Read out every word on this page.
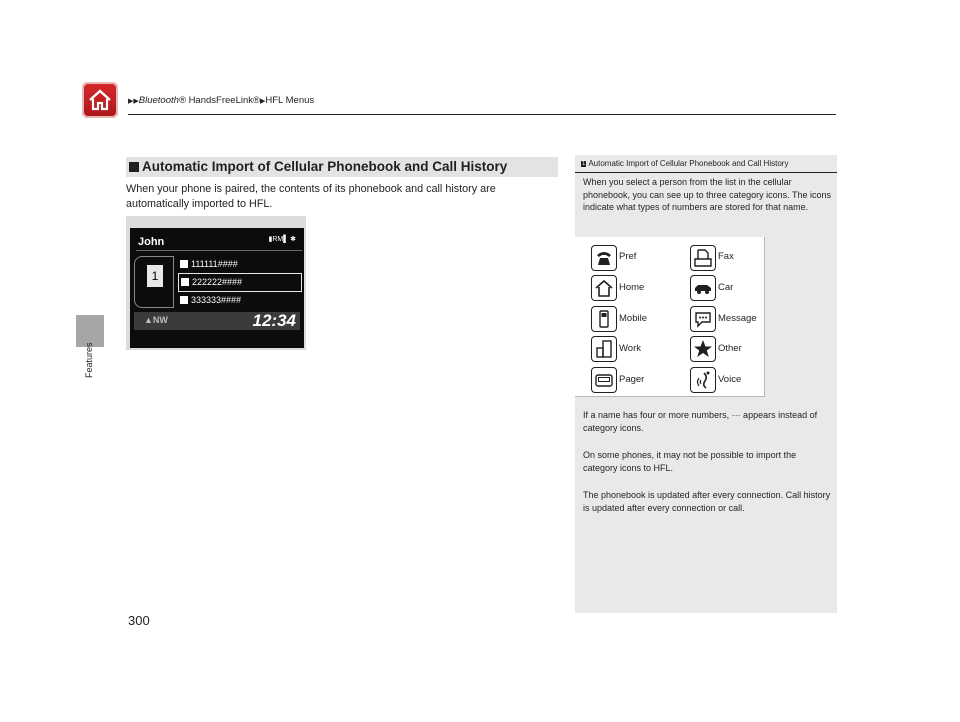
▶▶Bluetooth® HandsFreeLink®▶HFL Menus
Features
Automatic Import of Cellular Phonebook and Call History
When your phone is paired, the contents of its phonebook and call history are automatically imported to HFL.
John	▮RM▌ ✱
1
111111####
222222####
333333####
▲NW	12:34
1 Automatic Import of Cellular Phonebook and Call History
When you select a person from the list in the cellular phonebook, you can see up to three category icons. The icons indicate what types of numbers are stored for that name.
Pref	Fax
Home	Car
Mobile	Message
Work	Other
Pager	Voice
If a name has four or more numbers, ··· appears instead of category icons.
On some phones, it may not be possible to import the category icons to HFL.
The phonebook is updated after every connection. Call history is updated after every connection or call.
300
